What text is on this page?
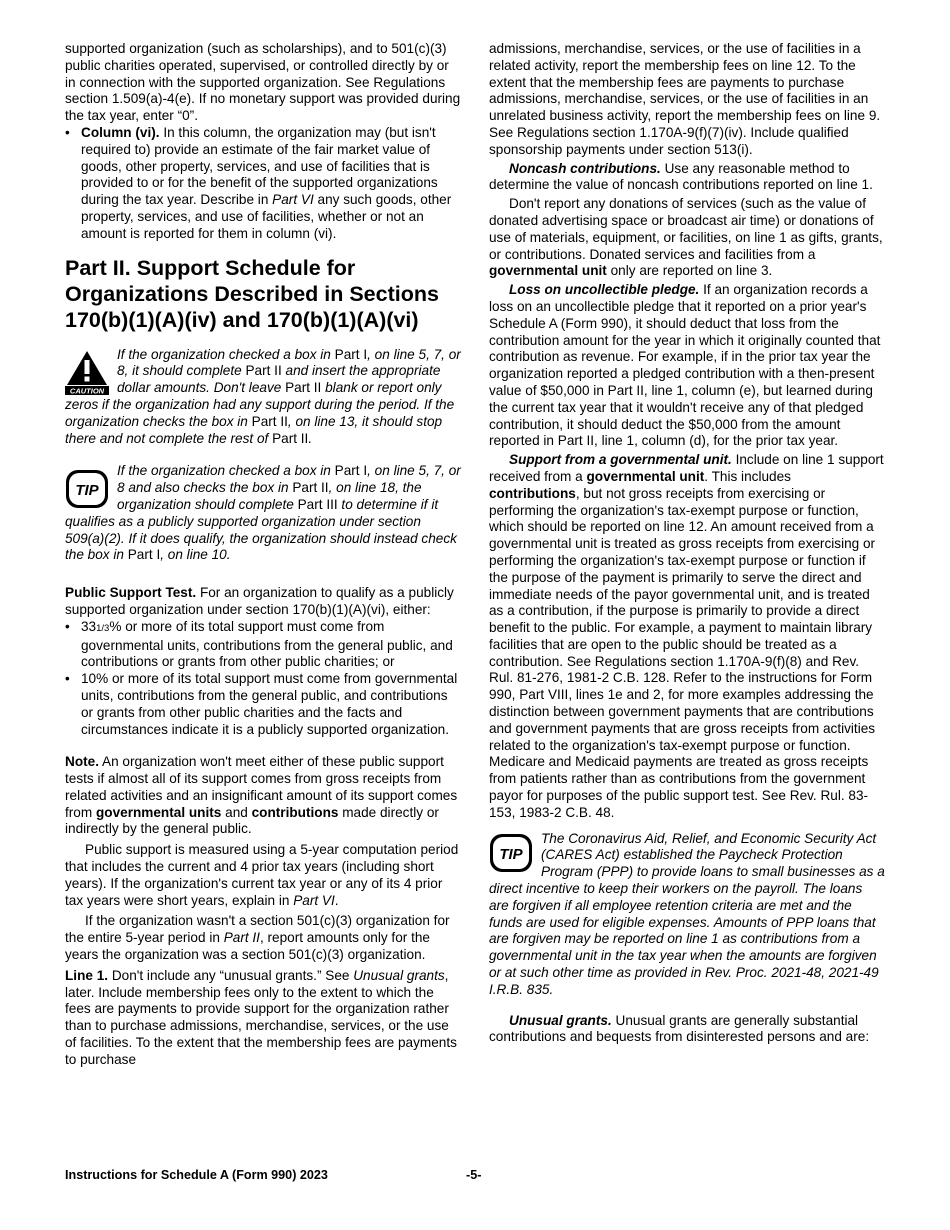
supported organization (such as scholarships), and to 501(c)(3) public charities operated, supervised, or controlled directly by or in connection with the supported organization. See Regulations section 1.509(a)-4(e). If no monetary support was provided during the tax year, enter “0”.

• Column (vi). In this column, the organization may (but isn't required to) provide an estimate of the fair market value of goods, other property, services, and use of facilities that is provided to or for the benefit of the supported organizations during the tax year. Describe in Part VI any such goods, other property, services, and use of facilities, whether or not an amount is reported for them in column (vi).
Part II. Support Schedule for Organizations Described in Sections 170(b)(1)(A)(iv) and 170(b)(1)(A)(vi)
CAUTION
If the organization checked a box in Part I, on line 5, 7, or 8, it should complete Part II and insert the appropriate dollar amounts. Don't leave Part II blank or report only zeros if the organization had any support during the period. If the organization checks the box in Part II, on line 13, it should stop there and not complete the rest of Part II.
TIP
If the organization checked a box in Part I, on line 5, 7, or 8 and also checks the box in Part II, on line 18, the organization should complete Part III to determine if it qualifies as a publicly supported organization under section 509(a)(2). If it does qualify, the organization should instead check the box in Part I, on line 10.

Public Support Test. For an organization to qualify as a publicly supported organization under section 170(b)(1)(A)(vi), either:

• 331/3% or more of its total support must come from governmental units, contributions from the general public, and contributions or grants from other public charities; or
• 10% or more of its total support must come from governmental units, contributions from the general public, and contributions or grants from other public charities and the facts and circumstances indicate it is a publicly supported organization.

Note. An organization won't meet either of these public support tests if almost all of its support comes from gross receipts from related activities and an insignificant amount of its support comes from governmental units and contributions made directly or indirectly by the general public.

Public support is measured using a 5-year computation period that includes the current and 4 prior tax years (including short years). If the organization's current tax year or any of its 4 prior tax years were short years, explain in Part VI.

If the organization wasn't a section 501(c)(3) organization for the entire 5-year period in Part II, report amounts only for the years the organization was a section 501(c)(3) organization.

Line 1. Don't include any “unusual grants.” See Unusual grants, later. Include membership fees only to the extent to which the fees are payments to provide support for the organization rather than to purchase admissions, merchandise, services, or the use of facilities. To the extent that the membership fees are payments to purchase

admissions, merchandise, services, or the use of facilities in a related activity, report the membership fees on line 12. To the extent that the membership fees are payments to purchase admissions, merchandise, services, or the use of facilities in an unrelated business activity, report the membership fees on line 9. See Regulations section 1.170A-9(f)(7)(iv). Include qualified sponsorship payments under section 513(i).

Noncash contributions. Use any reasonable method to determine the value of noncash contributions reported on line 1.

Don't report any donations of services (such as the value of donated advertising space or broadcast air time) or donations of use of materials, equipment, or facilities, on line 1 as gifts, grants, or contributions. Donated services and facilities from a governmental unit only are reported on line 3.

Loss on uncollectible pledge. If an organization records a loss on an uncollectible pledge that it reported on a prior year's Schedule A (Form 990), it should deduct that loss from the contribution amount for the year in which it originally counted that contribution as revenue. For example, if in the prior tax year the organization reported a pledged contribution with a then-present value of $50,000 in Part II, line 1, column (e), but learned during the current tax year that it wouldn't receive any of that pledged contribution, it should deduct the $50,000 from the amount reported in Part II, line 1, column (d), for the prior tax year.

Support from a governmental unit. Include on line 1 support received from a governmental unit. This includes contributions, but not gross receipts from exercising or performing the organization's tax-exempt purpose or function, which should be reported on line 12. An amount received from a governmental unit is treated as gross receipts from exercising or performing the organization's tax-exempt purpose or function if the purpose of the payment is primarily to serve the direct and immediate needs of the payor governmental unit, and is treated as a contribution, if the purpose is primarily to provide a direct benefit to the public. For example, a payment to maintain library facilities that are open to the public should be treated as a contribution. See Regulations section 1.170A-9(f)(8) and Rev. Rul. 81-276, 1981-2 C.B. 128. Refer to the instructions for Form 990, Part VIII, lines 1e and 2, for more examples addressing the distinction between government payments that are contributions and government payments that are gross receipts from activities related to the organization's tax-exempt purpose or function. Medicare and Medicaid payments are treated as gross receipts from patients rather than as contributions from the government payor for purposes of the public support test. See Rev. Rul. 83-153, 1983-2 C.B. 48.

TIP
The Coronavirus Aid, Relief, and Economic Security Act (CARES Act) established the Paycheck Protection Program (PPP) to provide loans to small businesses as a direct incentive to keep their workers on the payroll. The loans are forgiven if all employee retention criteria are met and the funds are used for eligible expenses. Amounts of PPP loans that are forgiven may be reported on line 1 as contributions from a governmental unit in the tax year when the amounts are forgiven or at such other time as provided in Rev. Proc. 2021-48, 2021-49 I.R.B. 835.

Unusual grants. Unusual grants are generally substantial contributions and bequests from disinterested persons and are:

Instructions for Schedule A (Form 990) 2023	-5-
